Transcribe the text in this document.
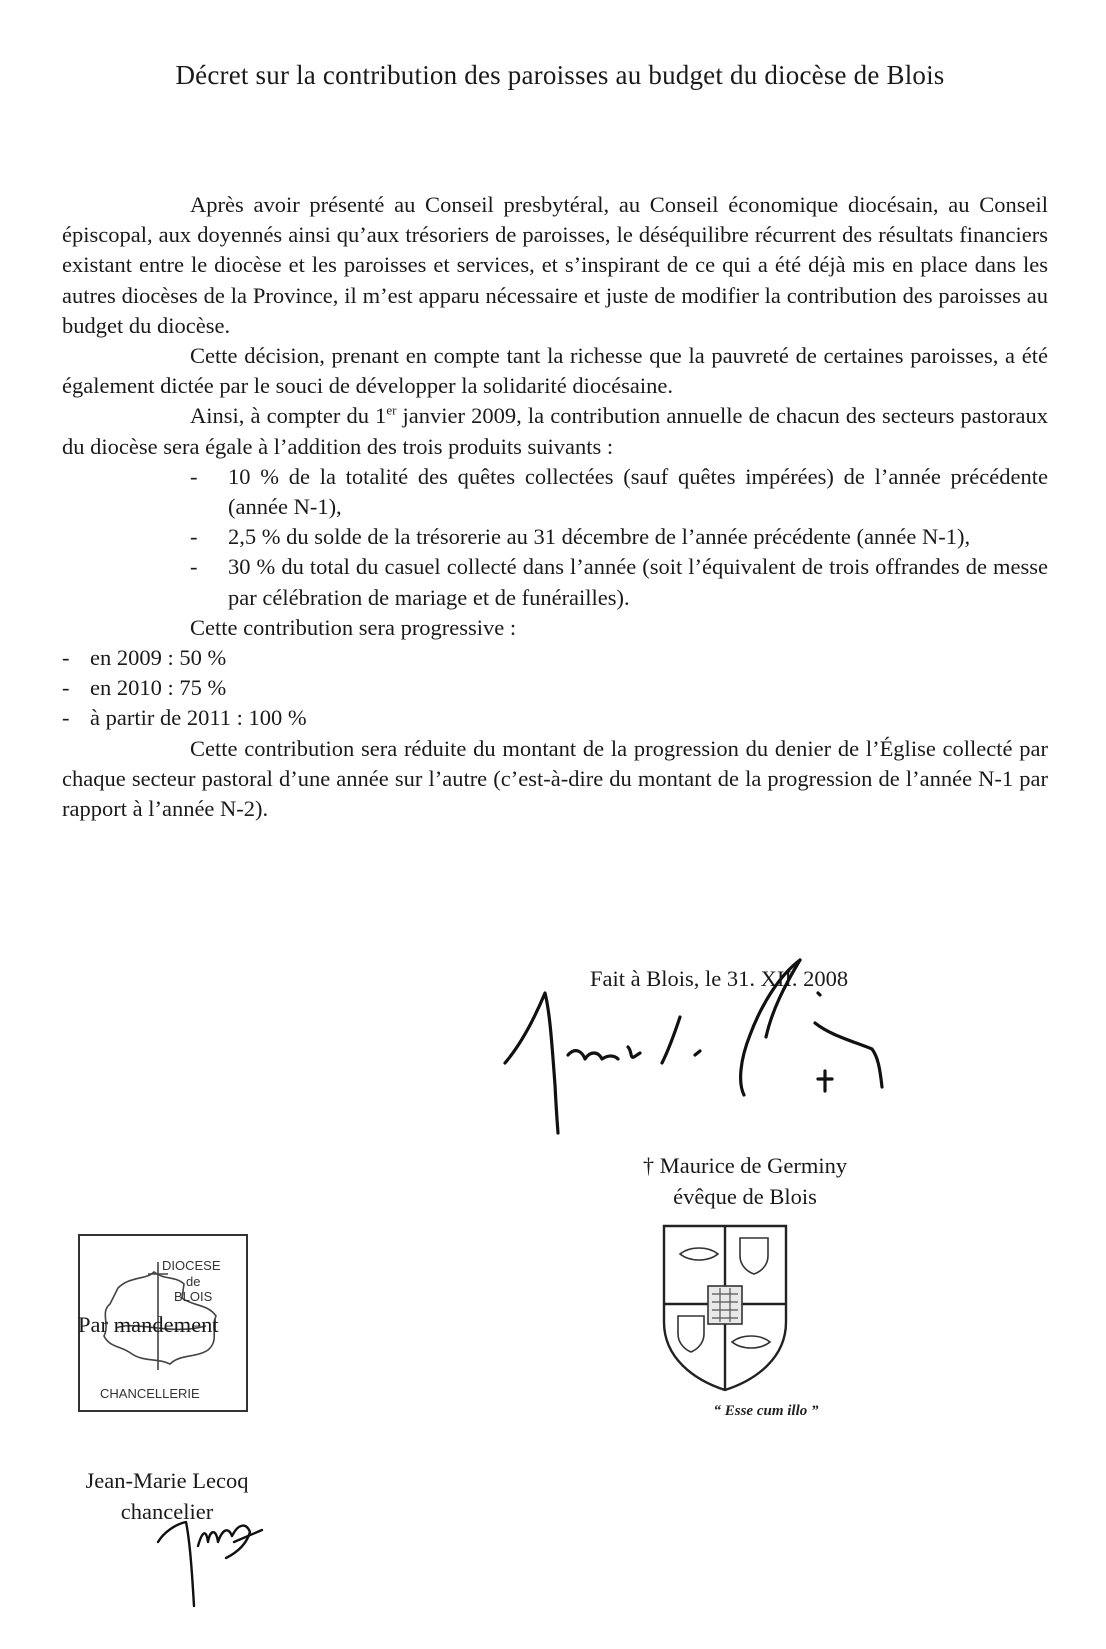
Décret sur la contribution des paroisses au budget du diocèse de Blois

Après avoir présenté au Conseil presbytéral, au Conseil économique diocésain, au Conseil épiscopal, aux doyennés ainsi qu’aux trésoriers de paroisses, le déséquilibre récurrent des résultats financiers existant entre le diocèse et les paroisses et services, et s’inspirant de ce qui a été déjà mis en place dans les autres diocèses de la Province, il m’est apparu nécessaire et juste de modifier la contribution des paroisses au budget du diocèse.

Cette décision, prenant en compte tant la richesse que la pauvreté de certaines paroisses, a été également dictée par le souci de développer la solidarité diocésaine.

Ainsi, à compter du 1er janvier 2009, la contribution annuelle de chacun des secteurs pastoraux du diocèse sera égale à l’addition des trois produits suivants :

- 10 % de la totalité des quêtes collectées (sauf quêtes impérées) de l’année précédente (année N-1),
- 2,5 % du solde de la trésorerie au 31 décembre de l’année précédente (année N-1),
- 30 % du total du casuel collecté dans l’année (soit l’équivalent de trois offrandes de messe par célébration de mariage et de funérailles).

Cette contribution sera progressive :

- en 2009 : 50 %
- en 2010 : 75 %
- à partir de 2011 : 100 %

Cette contribution sera réduite du montant de la progression du denier de l’Église collecté par chaque secteur pastoral d’une année sur l’autre (c’est-à-dire du montant de la progression de l’année N-1 par rapport à l’année N-2).

Fait à Blois, le 31. XII. 2008
† Maurice de Germiny
évêque de Blois
“ Esse cum illo ”
DIOCESE
de
BLOIS
CHANCELLERIE
Par mandement
Jean-Marie Lecoq
chancelier
